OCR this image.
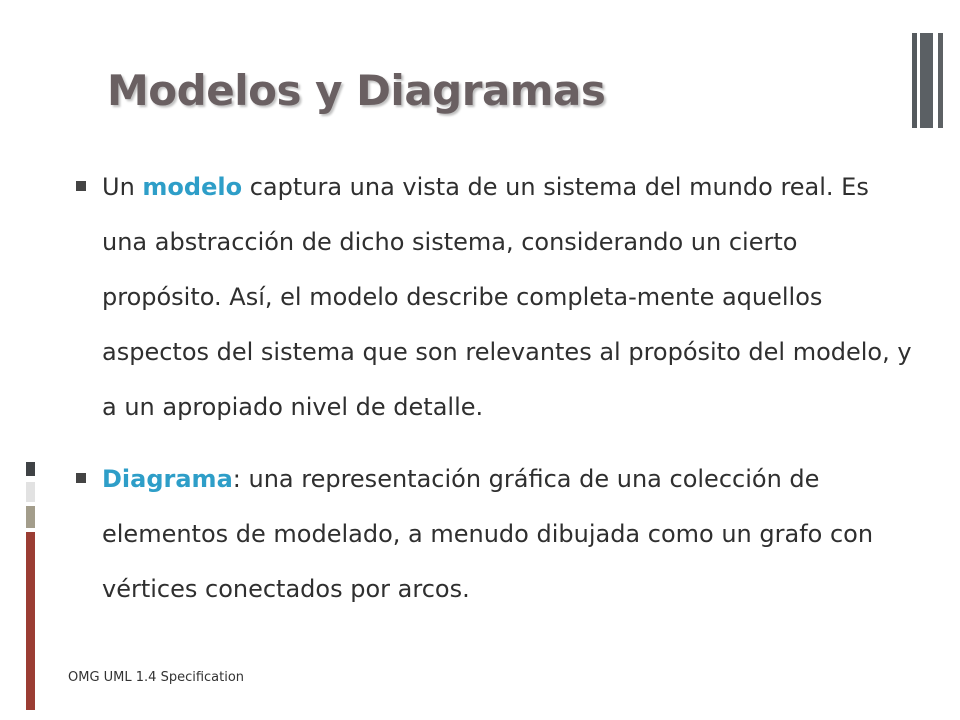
Modelos y Diagramas

Un modelo captura una vista de un sistema del mundo real. Es una abstracción de dicho sistema, considerando un cierto propósito. Así, el modelo describe completa-mente aquellos aspectos del sistema que son relevantes al propósito del modelo, y a un apropiado nivel de detalle.

Diagrama: una representación gráfica de una colección de elementos de modelado, a menudo dibujada como un grafo con vértices conectados por arcos.

OMG UML 1.4 Specification
